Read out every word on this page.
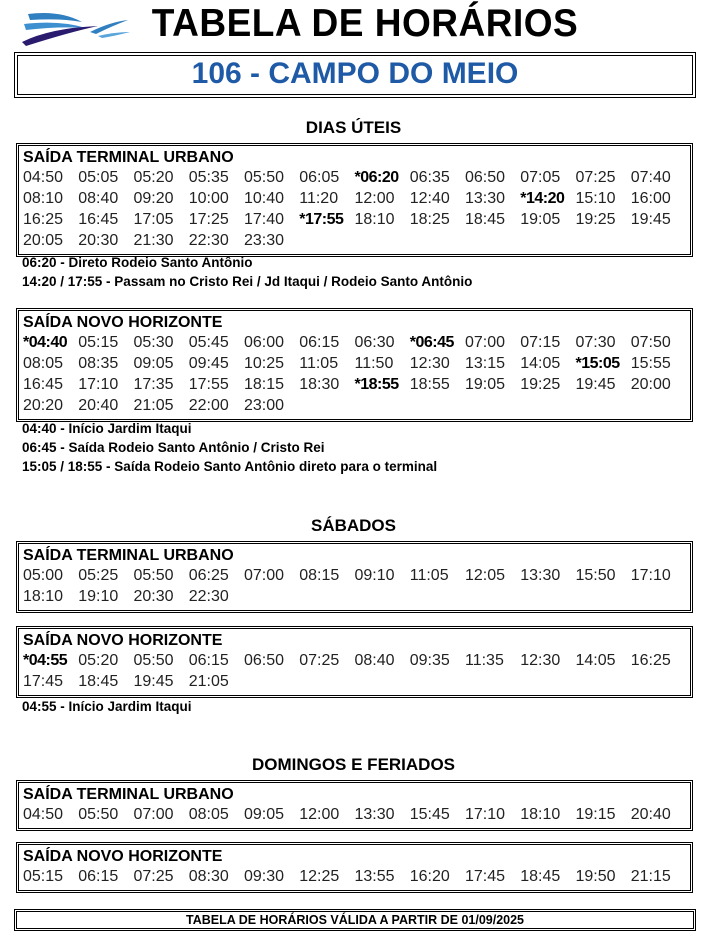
TABELA DE HORÁRIOS
106 - CAMPO DO MEIO
DIAS ÚTEIS
SAÍDA TERMINAL URBANO
04:50 05:05 05:20 05:35 05:50 06:05 *06:20 06:35 06:50 07:05 07:25 07:40
08:10 08:40 09:20 10:00 10:40 11:20	12:00 12:40 13:30 *14:20 15:10 16:00
16:25 16:45 17:05 17:25 17:40 *17:55 18:10 18:25 18:45 19:05 19:25 19:45
20:05 20:30 21:30 22:30 23:30
06:20 - Direto Rodeio Santo Antônio
14:20 / 17:55 - Passam no Cristo Rei / Jd Itaqui / Rodeio Santo Antônio
SAÍDA NOVO HORIZONTE
*04:40 05:15 05:30 05:45 06:00 06:15 06:30 *06:45 07:00 07:15 07:30 07:50
08:05 08:35 09:05 09:45 10:25 11:05	11:50	12:30 13:15 14:05 *15:05 15:55
16:45 17:10 17:35 17:55 18:15 18:30 *18:55 18:55 19:05 19:25 19:45 20:00
20:20 20:40 21:05 22:00 23:00
04:40 - Início Jardim Itaqui
06:45 - Saída Rodeio Santo Antônio / Cristo Rei
15:05 / 18:55 - Saída Rodeio Santo Antônio direto para o terminal
SÁBADOS
SAÍDA TERMINAL URBANO
05:00 05:25 05:50 06:25 07:00 08:15 09:10 11:05	12:05 13:30 15:50 17:10
18:10 19:10 20:30 22:30
SAÍDA NOVO HORIZONTE
*04:55 05:20 05:50 06:15 06:50 07:25 08:40 09:35 11:35	12:30 14:05 16:25
17:45 18:45 19:45 21:05
04:55 - Início Jardim Itaqui
DOMINGOS E FERIADOS
SAÍDA TERMINAL URBANO
04:50 05:50 07:00 08:05 09:05 12:00 13:30 15:45 17:10 18:10 19:15 20:40
SAÍDA NOVO HORIZONTE
05:15 06:15 07:25 08:30 09:30 12:25 13:55 16:20 17:45 18:45 19:50 21:15
TABELA DE HORÁRIOS VÁLIDA A PARTIR DE 01/09/2025
